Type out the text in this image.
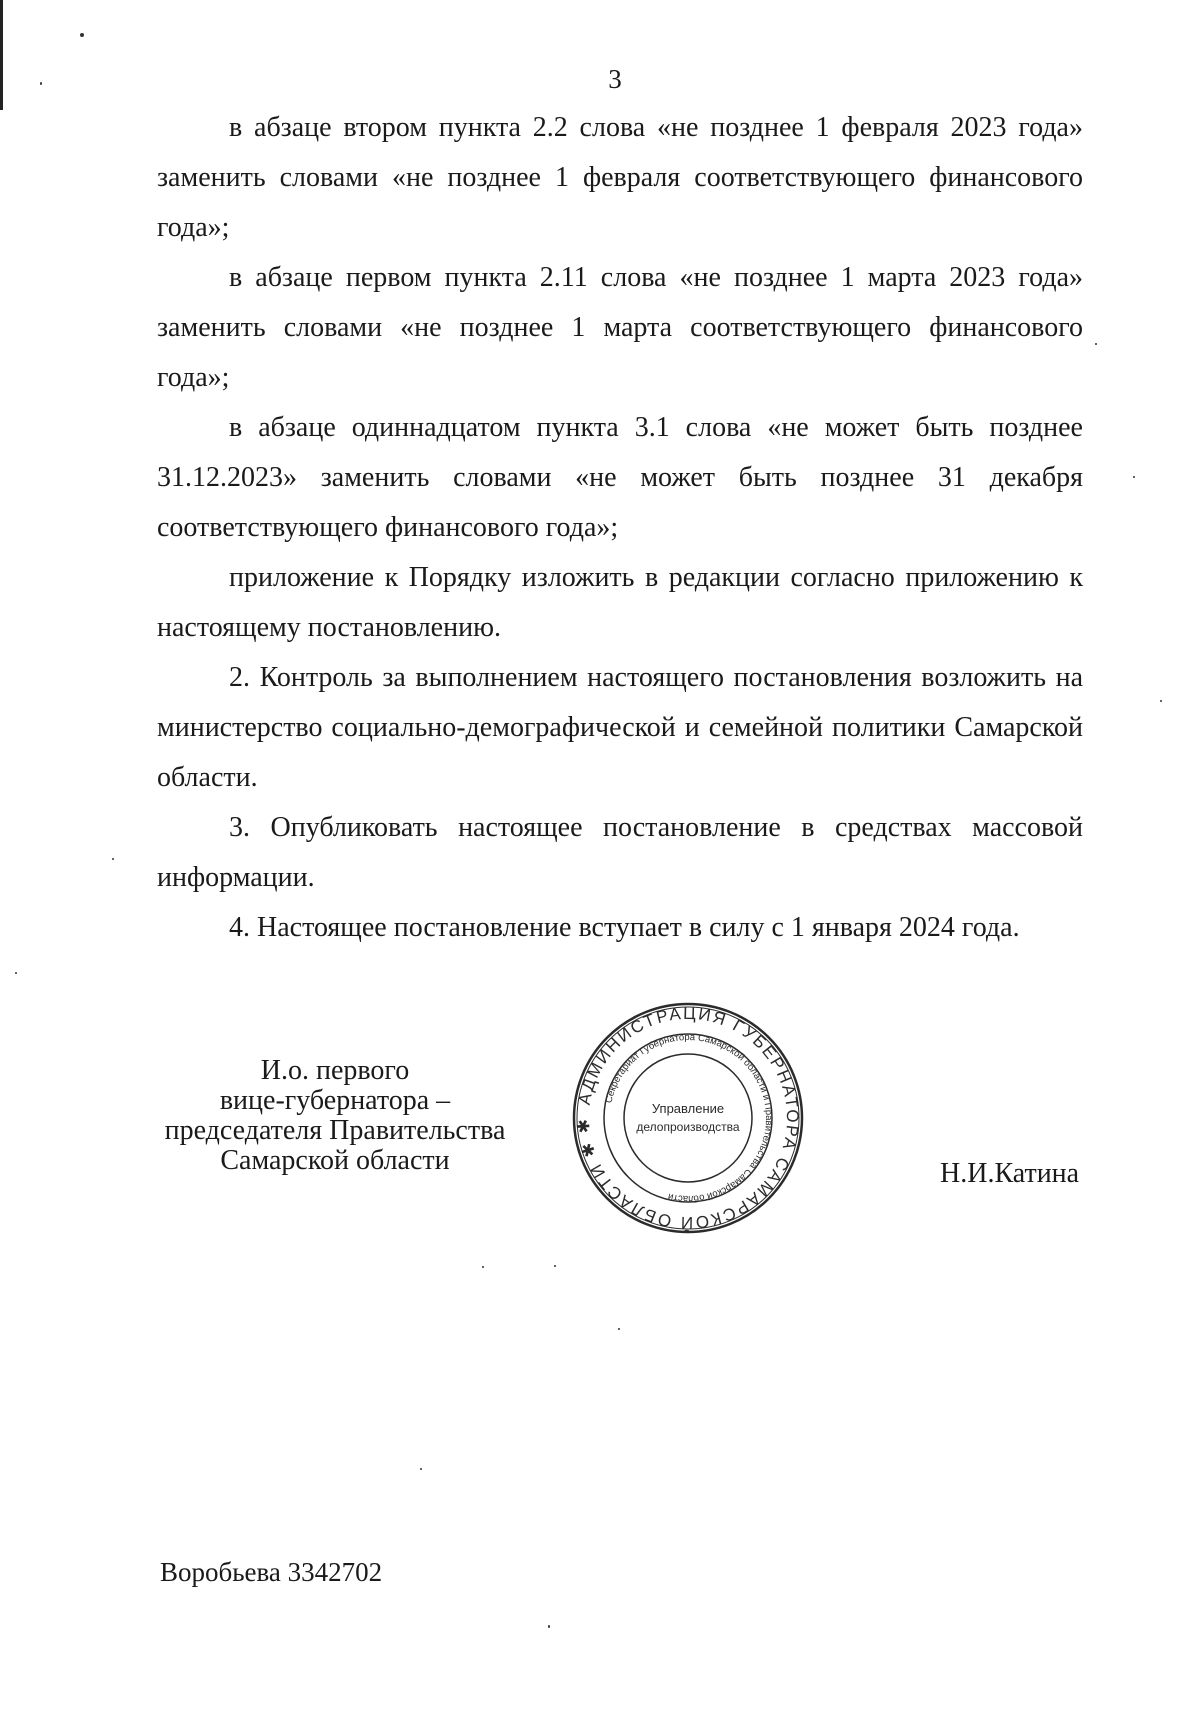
3

в абзаце втором пункта 2.2 слова «не позднее 1 февраля 2023 года» заменить словами «не позднее 1 февраля соответствующего финансового года»;

в абзаце первом пункта 2.11 слова «не позднее 1 марта 2023 года» заменить словами «не позднее 1 марта соответствующего финансового года»;

в абзаце одиннадцатом пункта 3.1 слова «не может быть позднее 31.12.2023» заменить словами «не может быть позднее 31 декабря соответствующего финансового года»;

приложение к Порядку изложить в редакции согласно приложению к настоящему постановлению.

2. Контроль за выполнением настоящего постановления возложить на министерство социально-демографической и семейной политики Самарской области.

3. Опубликовать настоящее постановление в средствах массовой информации.

4. Настоящее постановление вступает в силу с 1 января 2024 года.

И.о. первого
вице-губернатора –
председателя Правительства
Самарской области
АДМИНИСТРАЦИЯ ГУБЕРНАТОРА САМАРСКОЙ ОБЛАСТИ ✱ ✱
Секретариат Губернатора Самарской области и Правительства Самарской области
Управление
делопроизводства
Н.И.Катина
Воробьева 3342702
